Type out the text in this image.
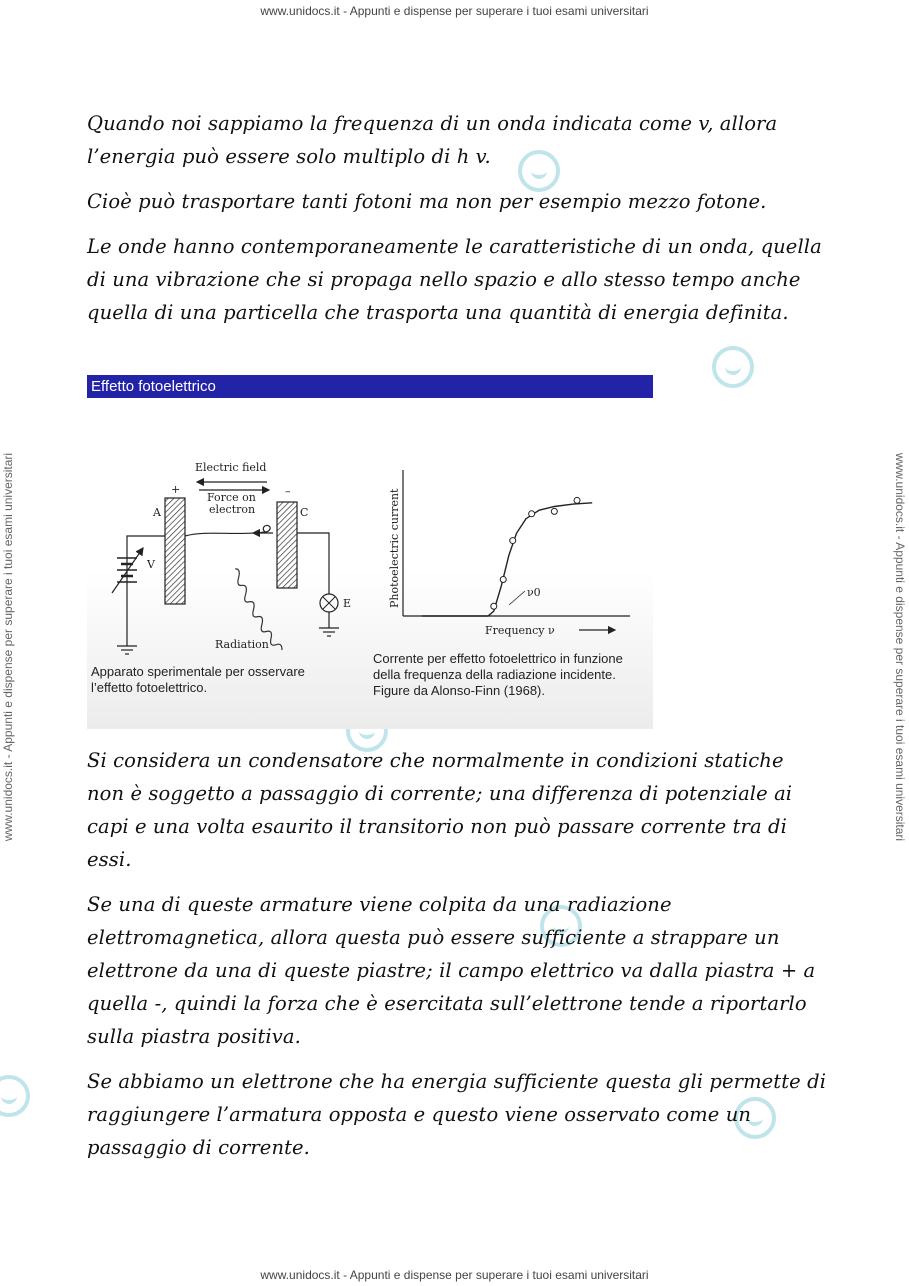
www.unidocs.it - Appunti e dispense per superare i tuoi esami universitari
www.unidocs.it - Appunti e dispense per superare i tuoi esami universitari	www.unidocs.it - Appunti e dispense per superare i tuoi esami universitari
Quando noi sappiamo la frequenza di un onda indicata come v, allora l’energia può essere solo multiplo di h v.
Cioè può trasportare tanti fotoni ma non per esempio mezzo fotone.
Le onde hanno contemporaneamente le caratteristiche di un onda, quella di una vibrazione che si propaga nello spazio e allo stesso tempo anche quella di una particella che trasporta una quantità di energia definita.
Effetto fotoelettrico
Electric field
Force on
electron
+	–
A	C
Radiation
V
E
Frequency ν
Photoelectric current	ν0
Apparato sperimentale per osservare
l’effetto fotoelettrico.
Corrente per effetto fotoelettrico in funzione
della frequenza della radiazione incidente.
Figure da Alonso-Finn (1968).
Si considera un condensatore che normalmente in condizioni statiche non è soggetto a passaggio di corrente; una differenza di potenziale ai capi e una volta esaurito il transitorio non può passare corrente tra di essi.
Se una di queste armature viene colpita da una radiazione elettromagnetica, allora questa può essere sufficiente a strappare un elettrone da una di queste piastre; il campo elettrico va dalla piastra + a quella -, quindi la forza che è esercitata sull’elettrone tende a riportarlo sulla piastra positiva.
Se abbiamo un elettrone che ha energia sufficiente questa gli permette di raggiungere l’armatura opposta e questo viene osservato come un passaggio di corrente.
www.unidocs.it - Appunti e dispense per superare i tuoi esami universitari
